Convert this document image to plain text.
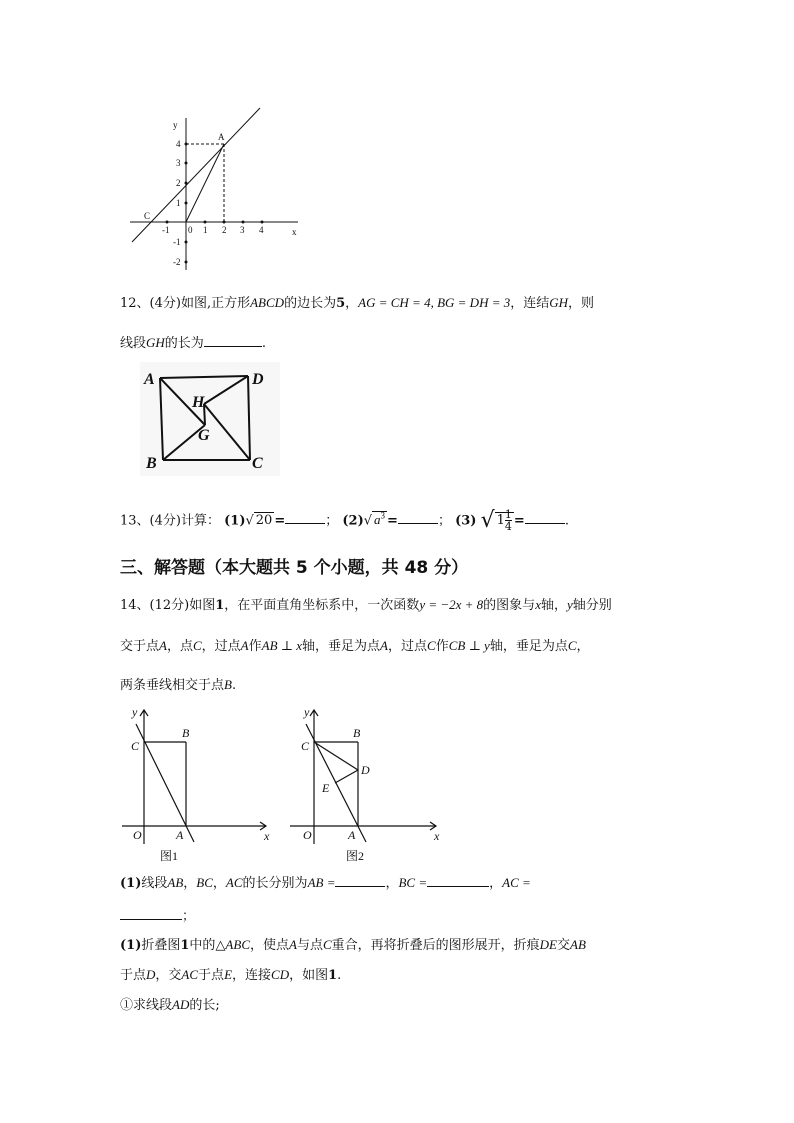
y
x
A
C
4
3
2
1
-1
-2
-1 0 1 2 3 4
12、(4分)如图,正方形ABCD的边长为5，AG = CH = 4, BG = DH = 3，连结GH，则
线段GH的长为	.
A	D
B	C
H
G
13、(4分)计算： (1)√ 20 =	； (2)√ $a^3$ =	； (3) √ $1 \frac{1}{4}$ =	.
三、解答题（本大题共 5 个小题，共 48 分）
14、(12分)如图1，在平面直角坐标系中，一次函数y = −2x + 8的图象与x轴，y轴分别
交于点A，点C，过点A作AB ⊥ x轴，垂足为点A，过点C作CB ⊥ y轴，垂足为点C，
两条垂线相交于点B.
y
x
B
C
O	A
图1
y
x
B
C
D
E
O	A
图2
(1)线段AB，BC，AC的长分别为AB =	，BC =	，AC =
；
(1)折叠图1中的△ABC，使点A与点C重合，再将折叠后的图形展开，折痕DE交AB
于点D，交AC于点E，连接CD，如图1.
①求线段AD的长;
